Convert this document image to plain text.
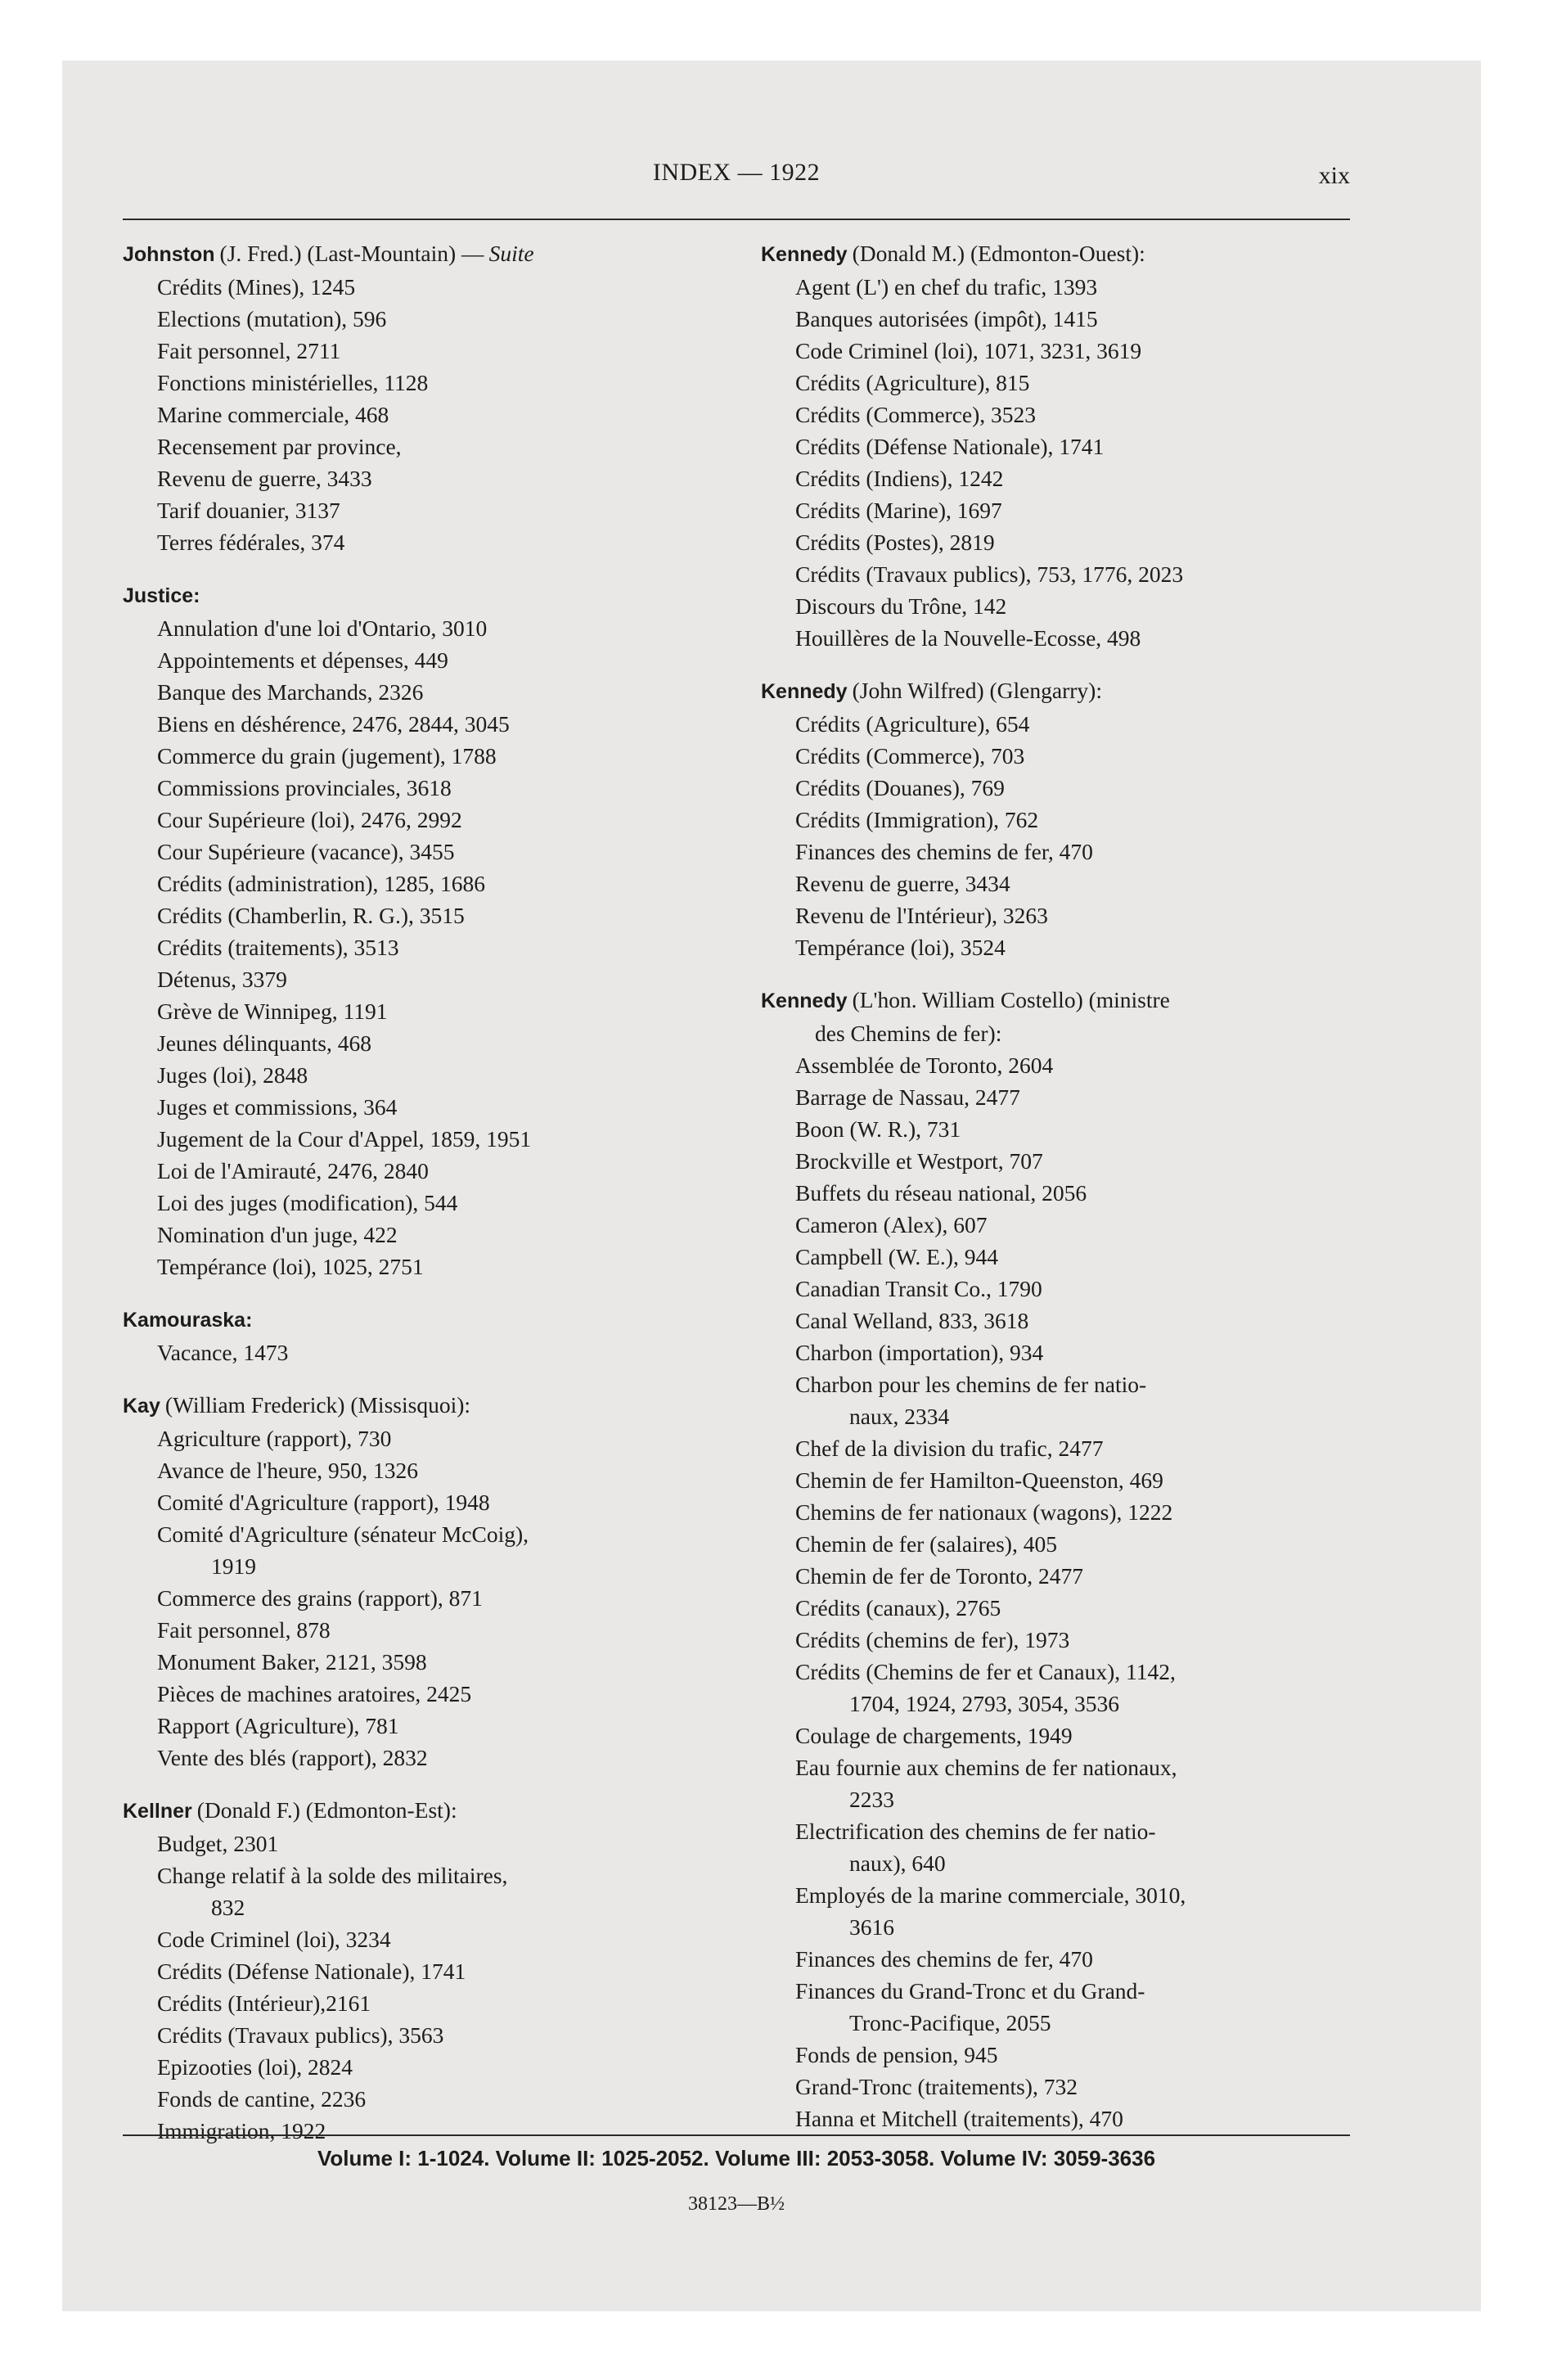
INDEX — 1922	xix
Johnston (J. Fred.) (Last-Mountain) — Suite
Crédits (Mines), 1245
Elections (mutation), 596
Fait personnel, 2711
Fonctions ministérielles, 1128
Marine commerciale, 468
Recensement par province,
Revenu de guerre, 3433
Tarif douanier, 3137
Terres fédérales, 374
Justice:
Annulation d'une loi d'Ontario, 3010
Appointements et dépenses, 449
Banque des Marchands, 2326
Biens en déshérence, 2476, 2844, 3045
Commerce du grain (jugement), 1788
Commissions provinciales, 3618
Cour Supérieure (loi), 2476, 2992
Cour Supérieure (vacance), 3455
Crédits (administration), 1285, 1686
Crédits (Chamberlin, R. G.), 3515
Crédits (traitements), 3513
Détenus, 3379
Grève de Winnipeg, 1191
Jeunes délinquants, 468
Juges (loi), 2848
Juges et commissions, 364
Jugement de la Cour d'Appel, 1859, 1951
Loi de l'Amirauté, 2476, 2840
Loi des juges (modification), 544
Nomination d'un juge, 422
Tempérance (loi), 1025, 2751
Kamouraska:
Vacance, 1473
Kay (William Frederick) (Missisquoi):
Agriculture (rapport), 730
Avance de l'heure, 950, 1326
Comité d'Agriculture (rapport), 1948
Comité d'Agriculture (sénateur McCoig),
1919
Commerce des grains (rapport), 871
Fait personnel, 878
Monument Baker, 2121, 3598
Pièces de machines aratoires, 2425
Rapport (Agriculture), 781
Vente des blés (rapport), 2832
Kellner (Donald F.) (Edmonton-Est):
Budget, 2301
Change relatif à la solde des militaires,
832
Code Criminel (loi), 3234
Crédits (Défense Nationale), 1741
Crédits (Intérieur),2161
Crédits (Travaux publics), 3563
Epizooties (loi), 2824
Fonds de cantine, 2236
Immigration, 1922
Kennedy (Donald M.) (Edmonton-Ouest):
Agent (L') en chef du trafic, 1393
Banques autorisées (impôt), 1415
Code Criminel (loi), 1071, 3231, 3619
Crédits (Agriculture), 815
Crédits (Commerce), 3523
Crédits (Défense Nationale), 1741
Crédits (Indiens), 1242
Crédits (Marine), 1697
Crédits (Postes), 2819
Crédits (Travaux publics), 753, 1776, 2023
Discours du Trône, 142
Houillères de la Nouvelle-Ecosse, 498
Kennedy (John Wilfred) (Glengarry):
Crédits (Agriculture), 654
Crédits (Commerce), 703
Crédits (Douanes), 769
Crédits (Immigration), 762
Finances des chemins de fer, 470
Revenu de guerre, 3434
Revenu de l'Intérieur), 3263
Tempérance (loi), 3524
Kennedy (L'hon. William Costello) (ministre
des Chemins de fer):
Assemblée de Toronto, 2604
Barrage de Nassau, 2477
Boon (W. R.), 731
Brockville et Westport, 707
Buffets du réseau national, 2056
Cameron (Alex), 607
Campbell (W. E.), 944
Canadian Transit Co., 1790
Canal Welland, 833, 3618
Charbon (importation), 934
Charbon pour les chemins de fer natio-
naux, 2334
Chef de la division du trafic, 2477
Chemin de fer Hamilton-Queenston, 469
Chemins de fer nationaux (wagons), 1222
Chemin de fer (salaires), 405
Chemin de fer de Toronto, 2477
Crédits (canaux), 2765
Crédits (chemins de fer), 1973
Crédits (Chemins de fer et Canaux), 1142,
1704, 1924, 2793, 3054, 3536
Coulage de chargements, 1949
Eau fournie aux chemins de fer nationaux,
2233
Electrification des chemins de fer natio-
naux), 640
Employés de la marine commerciale, 3010,
3616
Finances des chemins de fer, 470
Finances du Grand-Tronc et du Grand-
Tronc-Pacifique, 2055
Fonds de pension, 945
Grand-Tronc (traitements), 732
Hanna et Mitchell (traitements), 470
Volume I: 1-1024. Volume II: 1025-2052. Volume III: 2053-3058. Volume IV: 3059-3636
38123—B½
